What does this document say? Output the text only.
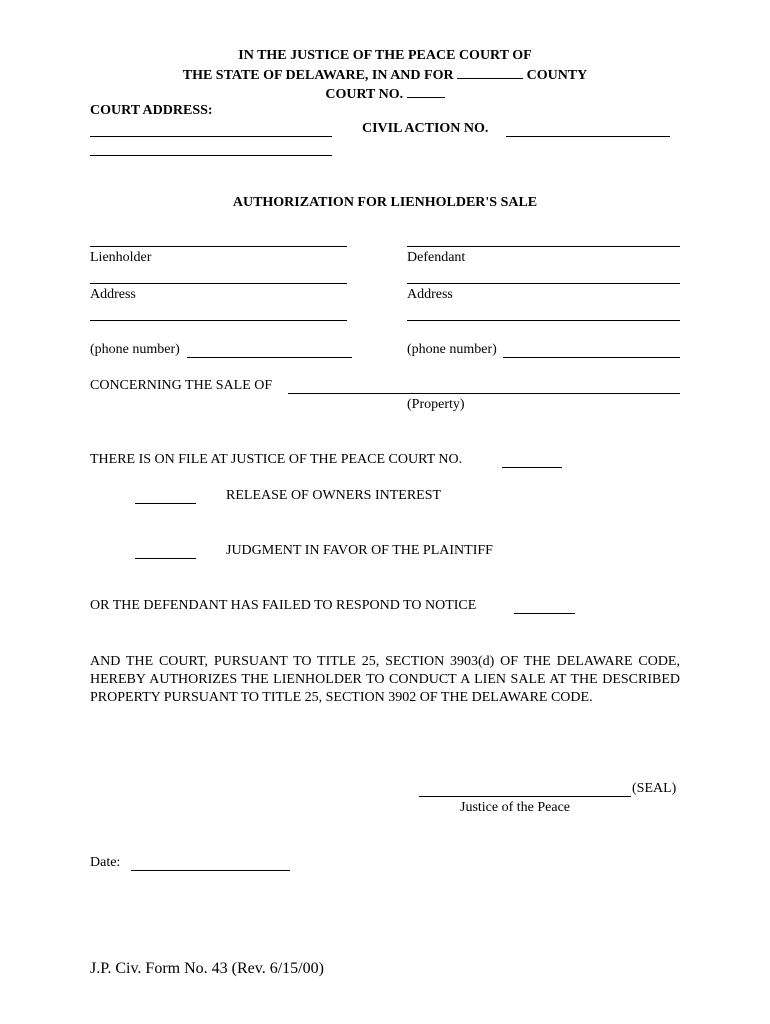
IN THE JUSTICE OF THE PEACE COURT OF
THE STATE OF DELAWARE, IN AND FOR	COUNTY
COURT NO.
COURT ADDRESS:
CIVIL ACTION NO.
AUTHORIZATION FOR LIENHOLDER'S SALE
Lienholder
Address
(phone number)
Defendant
Address
(phone number)
CONCERNING THE SALE OF
(Property)
THERE IS ON FILE AT JUSTICE OF THE PEACE COURT NO.
RELEASE OF OWNERS INTEREST
JUDGMENT IN FAVOR OF THE PLAINTIFF
OR THE DEFENDANT HAS FAILED TO RESPOND TO NOTICE
AND THE COURT, PURSUANT TO TITLE 25, SECTION 3903(d) OF THE DELAWARE CODE, HEREBY AUTHORIZES THE LIENHOLDER TO CONDUCT A LIEN SALE AT THE DESCRIBED PROPERTY PURSUANT TO TITLE 25, SECTION 3902 OF THE DELAWARE CODE.
(SEAL)
Justice of the Peace
Date:
J.P. Civ. Form No. 43 (Rev. 6/15/00)
